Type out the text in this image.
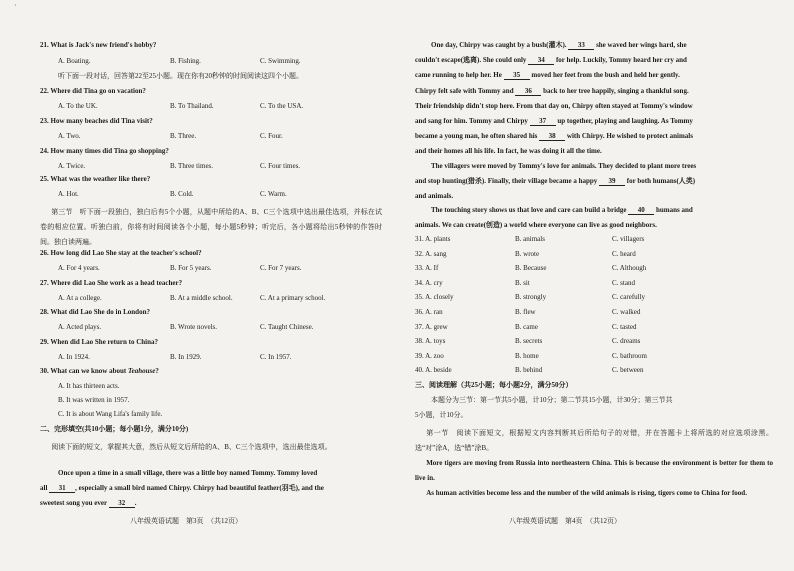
·
21. What is Jack's new friend's hobby?
A. Boating.	B. Fishing.	C. Swimming.
听下面一段对话，回答第22至25小题。现在你有20秒钟的时间阅读这四个小题。
22. Where did Tina go on vacation?
A. To the UK.	B. To Thailand.	C. To the USA.
23. How many beaches did Tina visit?
A. Two.	B. Three.	C. Four.
24. How many times did Tina go shopping?
A. Twice.	B. Three times.	C. Four times.
25. What was the weather like there?
A. Hot.	B. Cold.	C. Warm.
第三节　听下面一段独白，独白后有5个小题，从题中所给的A、B、C三个选项中选出最佳选项，并标在试卷的相应位置。听独白前，你将有时间阅读各个小题，每小题5秒钟；听完后，各小题将给出5秒钟的作答时间。独白读两遍。
26. How long did Lao She stay at the teacher's school?
A. For 4 years.	B. For 5 years.	C. For 7 years.
27. Where did Lao She work as a head teacher?
A. At a college.	B. At a middle school.	C. At a primary school.
28. What did Lao She do in London?
A. Acted plays.	B. Wrote novels.	C. Taught Chinese.
29. When did Lao She return to China?
A. In 1924.	B. In 1929.	C. In 1957.
30. What can we know about Teahouse?
A. It has thirteen acts.
B. It was written in 1957.
C. It is about Wang Lifa's family life.
二、完形填空(共10小题；每小题1分，满分10分)
阅读下面的短文，掌握其大意，然后从短文后所给的A、B、C三个选项中，选出最佳选项。
Once upon a time in a small village, there was a little boy named Tommy. Tommy loved
all 31 , especially a small bird named Chirpy. Chirpy had beautiful feather(羽毛), and the
sweetest song you ever 32 .
八年级英语试题　第3页　（共12页）
One day, Chirpy was caught by a bush(灌木). 33 she waved her wings hard, she
couldn't escape(逃离). She could only 34 for help. Luckily, Tommy heard her cry and
came running to help her. He 35 moved her feet from the bush and held her gently.
Chirpy felt safe with Tommy and 36 back to her tree happily, singing a thankful song.
Their friendship didn't stop here. From that day on, Chirpy often stayed at Tommy's window
and sang for him. Tommy and Chirpy 37 up together, playing and laughing. As Tommy
became a young man, he often shared his 38 with Chirpy. He wished to protect animals
and their homes all his life. In fact, he was doing it all the time.
The villagers were moved by Tommy's love for animals. They decided to plant more trees
and stop hunting(猎杀). Finally, their village became a happy 39 for both humans(人类)
and animals.
The touching story shows us that love and care can build a bridge 40 humans and
animals. We can create(创造) a world where everyone can live as good neighbors.
31. A. plants	B. animals	C. villagers
32. A. sang	B. wrote	C. heard
33. A. If	B. Because	C. Although
34. A. cry	B. sit	C. stand
35. A. closely	B. strongly	C. carefully
36. A. ran	B. flew	C. walked
37. A. grew	B. came	C. tasted
38. A. toys	B. secrets	C. dreams
39. A. zoo	B. home	C. bathroom
40. A. beside	B. behind	C. between
三、阅读理解（共25小题；每小题2分，满分50分）
本题分为三节：第一节共5小题，计10分；第二节共15小题，计30分；第三节共
5小题，计10分。
第一节　阅读下面短文，根据短文内容判断其后所给句子的对错，并在答题卡上将所选的对应选项涂黑。选“对”涂A，选“错”涂B。
More tigers are moving from Russia into northeastern China. This is because the environment is better for them to live in.
As human activities become less and the number of the wild animals is rising, tigers come to China for food.
八年级英语试题　第4页　（共12页）
